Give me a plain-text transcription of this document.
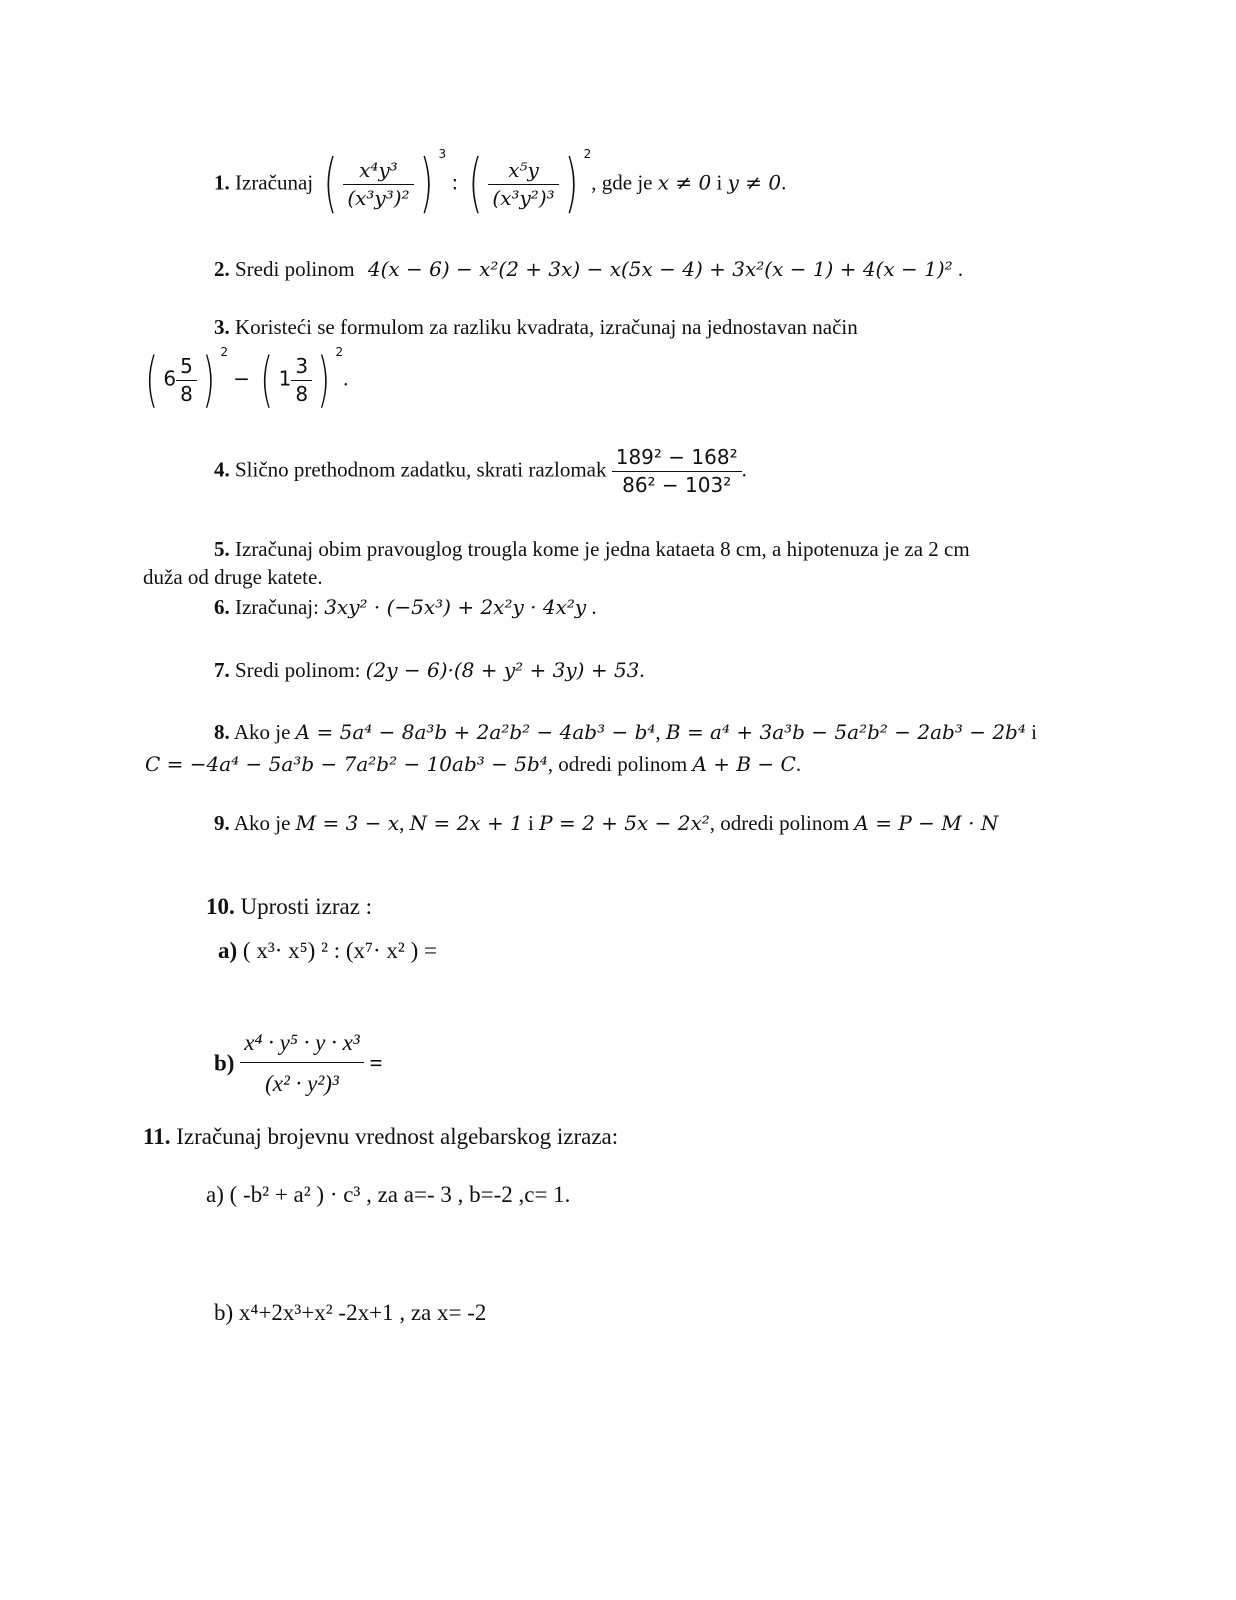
1. Izračunaj ( $\frac{\text{x⁴y³}}{\text{(x³y³)²}}$ ) 3 : ( $\frac{\text{x⁵y}}{\text{(x³y²)³}}$ ) 2, gde je x ≠ 0 i y ≠ 0.
2. Sredi polinom 4(x − 6) − x²(2 + 3x) − x(5x − 4) + 3x²(x − 1) + 4(x − 1)² .
3. Koristeći se formulom za razliku kvadrata, izračunaj na jednostavan način
( $6 \frac{5}{8}$ ) 2 − ( $1 \frac{3}{8}$ ) 2.
4. Slično prethodnom zadatku, skrati razlomak $\frac{\text{189² − 168²}}{\text{86² − 103²}}$ .
5. Izračunaj obim pravouglog trougla kome je jedna kataeta 8 cm, a hipotenuza je za 2 cm
duža od druge katete.
6. Izračunaj: 3xy² · (−5x³) + 2x²y · 4x²y .
7. Sredi polinom: (2y − 6)·(8 + y² + 3y) + 53.
8. Ako je A = 5a⁴ − 8a³b + 2a²b² − 4ab³ − b⁴, B = a⁴ + 3a³b − 5a²b² − 2ab³ − 2b⁴ i
C = −4a⁴ − 5a³b − 7a²b² − 10ab³ − 5b⁴, odredi polinom A + B − C.
9. Ako je M = 3 − x, N = 2x + 1 i P = 2 + 5x − 2x², odredi polinom A = P − M · N
10. Uprosti izraz :
a) ( x³· x⁵) ² : (x⁷· x² ) =
$b) \frac{\text{x⁴ · y⁵ · y · x³}}{\text{(x² · y²)³}}$ =
11. Izračunaj brojevnu vrednost algebarskog izraza:
a) ( -b² + a² ) · c³ , za a=- 3 , b=-2 ,c= 1.
b) x⁴+2x³+x² -2x+1 , za x= -2
